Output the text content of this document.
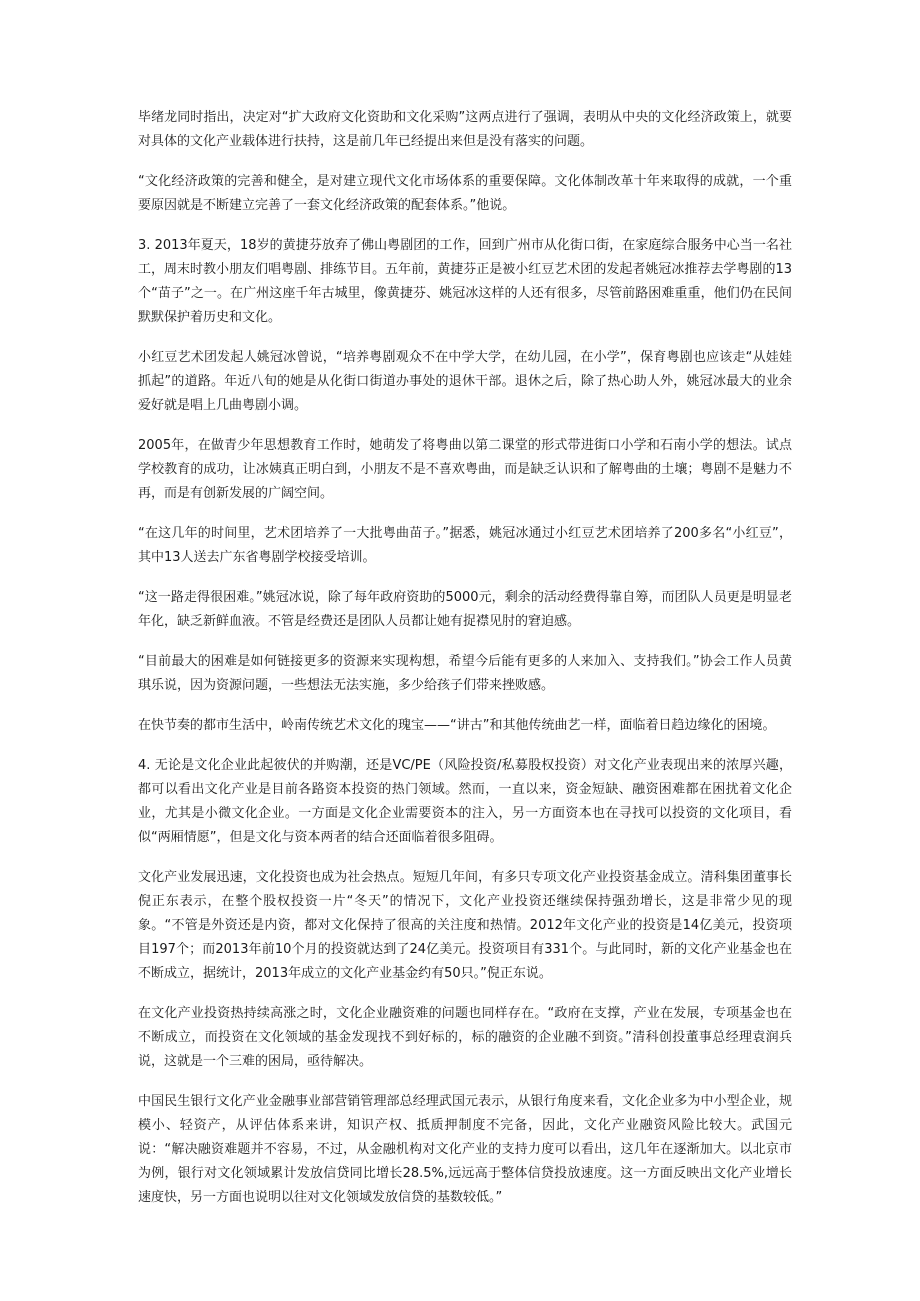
毕绪龙同时指出，决定对“扩大政府文化资助和文化采购”这两点进行了强调，表明从中央的文化经济政策上，就要对具体的文化产业载体进行扶持，这是前几年已经提出来但是没有落实的问题。

“文化经济政策的完善和健全，是对建立现代文化市场体系的重要保障。文化体制改革十年来取得的成就，一个重要原因就是不断建立完善了一套文化经济政策的配套体系。”他说。

3. 2013年夏天，18岁的黄捷芬放弃了佛山粤剧团的工作，回到广州市从化街口街，在家庭综合服务中心当一名社工，周末时教小朋友们唱粤剧、排练节目。五年前，黄捷芬正是被小红豆艺术团的发起者姚冠冰推荐去学粤剧的13个“苗子”之一。在广州这座千年古城里，像黄捷芬、姚冠冰这样的人还有很多，尽管前路困难重重，他们仍在民间默默保护着历史和文化。

小红豆艺术团发起人姚冠冰曾说，“培养粤剧观众不在中学大学，在幼儿园，在小学”，保育粤剧也应该走“从娃娃抓起”的道路。年近八旬的她是从化街口街道办事处的退休干部。退休之后，除了热心助人外，姚冠冰最大的业余爱好就是唱上几曲粤剧小调。

2005年，在做青少年思想教育工作时，她萌发了将粤曲以第二课堂的形式带进街口小学和石南小学的想法。试点学校教育的成功，让冰姨真正明白到，小朋友不是不喜欢粤曲，而是缺乏认识和了解粤曲的土壤；粤剧不是魅力不再，而是有创新发展的广阔空间。

“在这几年的时间里，艺术团培养了一大批粤曲苗子。”据悉，姚冠冰通过小红豆艺术团培养了200多名“小红豆”，其中13人送去广东省粤剧学校接受培训。

“这一路走得很困难。”姚冠冰说，除了每年政府资助的5000元，剩余的活动经费得靠自筹，而团队人员更是明显老年化，缺乏新鲜血液。不管是经费还是团队人员都让她有捉襟见肘的窘迫感。

“目前最大的困难是如何链接更多的资源来实现构想，希望今后能有更多的人来加入、支持我们。”协会工作人员黄琪乐说，因为资源问题，一些想法无法实施，多少给孩子们带来挫败感。

在快节奏的都市生活中，岭南传统艺术文化的瑰宝——“讲古”和其他传统曲艺一样，面临着日趋边缘化的困境。

4. 无论是文化企业此起彼伏的并购潮，还是VC/PE（风险投资/私募股权投资）对文化产业表现出来的浓厚兴趣，都可以看出文化产业是目前各路资本投资的热门领域。然而，一直以来，资金短缺、融资困难都在困扰着文化企业，尤其是小微文化企业。一方面是文化企业需要资本的注入，另一方面资本也在寻找可以投资的文化项目，看似“两厢情愿”，但是文化与资本两者的结合还面临着很多阻碍。

文化产业发展迅速，文化投资也成为社会热点。短短几年间，有多只专项文化产业投资基金成立。清科集团董事长倪正东表示，在整个股权投资一片“冬天”的情况下，文化产业投资还继续保持强劲增长，这是非常少见的现象。“不管是外资还是内资，都对文化保持了很高的关注度和热情。2012年文化产业的投资是14亿美元，投资项目197个；而2013年前10个月的投资就达到了24亿美元。投资项目有331个。与此同时，新的文化产业基金也在不断成立，据统计，2013年成立的文化产业基金约有50只。”倪正东说。

在文化产业投资热持续高涨之时，文化企业融资难的问题也同样存在。“政府在支撑，产业在发展，专项基金也在不断成立，而投资在文化领域的基金发现找不到好标的，标的融资的企业融不到资。”清科创投董事总经理袁润兵说，这就是一个三难的困局，亟待解决。

中国民生银行文化产业金融事业部营销管理部总经理武国元表示，从银行角度来看，文化企业多为中小型企业，规模小、轻资产，从评估体系来讲，知识产权、抵质押制度不完备，因此，文化产业融资风险比较大。武国元说：“解决融资难题并不容易，不过，从金融机构对文化产业的支持力度可以看出，这几年在逐渐加大。以北京市为例，银行对文化领域累计发放信贷同比增长28.5%,远远高于整体信贷投放速度。这一方面反映出文化产业增长速度快，另一方面也说明以往对文化领域发放信贷的基数较低。”
